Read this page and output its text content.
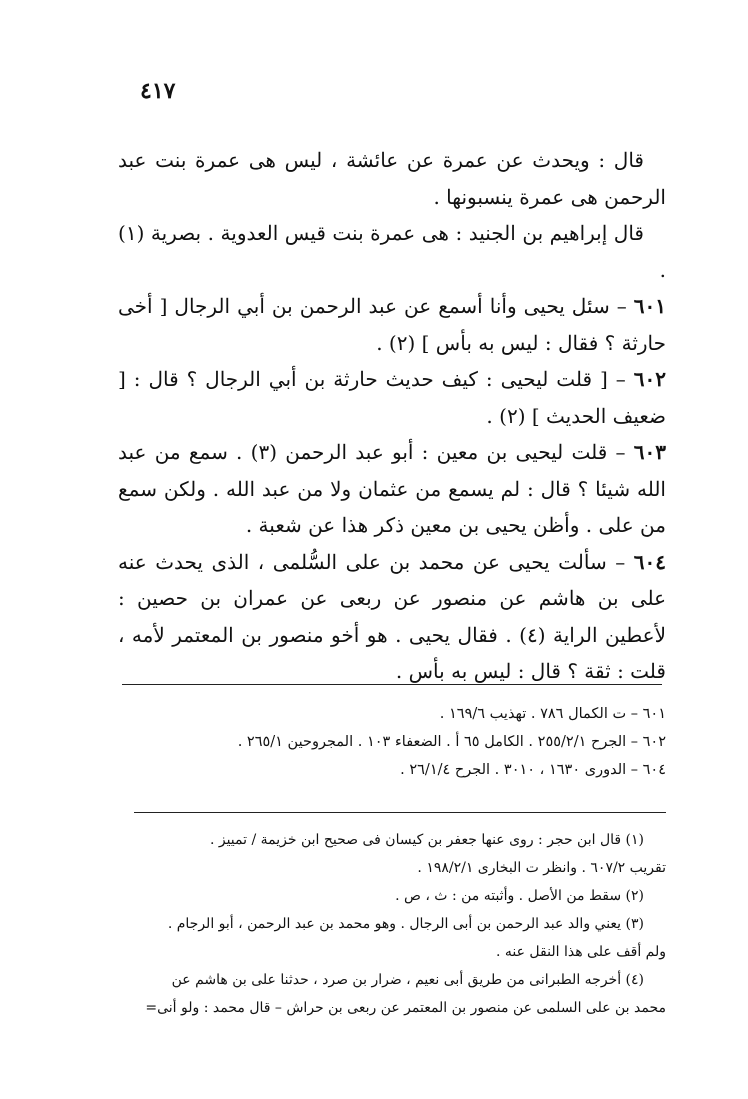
٤١٧

قال : ويحدث عن عمرة عن عائشة ، ليس هى عمرة بنت عبد الرحمن هى عمرة ينسبونها .

قال إبراهيم بن الجنيد : هى عمرة بنت قيس العدوية . بصرية (١) .

٦٠١ – سئل يحيى وأنا أسمع عن عبد الرحمن بن أبي الرجال [ أخى حارثة ؟ فقال : ليس به بأس ] (٢) .

٦٠٢ – [ قلت ليحيى : كيف حديث حارثة بن أبي الرجال ؟ قال : [ ضعيف الحديث ] (٢) .

٦٠٣ – قلت ليحيى بن معين : أبو عبد الرحمن (٣) . سمع من عبد الله شيئا ؟ قال : لم يسمع من عثمان ولا من عبد الله . ولكن سمع من على . وأظن يحيى بن معين ذكر هذا عن شعبة .

٦٠٤ – سألت يحيى عن محمد بن على السُّلمى ، الذى يحدث عنه على بن هاشم عن منصور عن ربعى عن عمران بن حصين : لأعطين الراية (٤) . فقال يحيى . هو أخو منصور بن المعتمر لأمه ، قلت : ثقة ؟ قال : ليس به بأس .

٦٠١ – ت الكمال ٧٨٦ . تهذيب ١٦٩/٦ .

٦٠٢ – الجرح ٢٥٥/٢/١ . الكامل ٦٥ أ . الضعفاء ١٠٣ . المجروحين ٢٦٥/١ .

٦٠٤ – الدورى ١٦٣٠ ، ٣٠١٠ . الجرح ٢٦/١/٤ .

(١) قال ابن حجر : روى عنها جعفر بن كيسان فى صحيح ابن خزيمة / تمييز .

تقريب ٦٠٧/٢ . وانظر ت البخارى ١٩٨/٢/١ .

(٢) سقط من الأصل . وأثبته من : ث ، ص .

(٣) يعني والد عبد الرحمن بن أبى الرجال . وهو محمد بن عبد الرحمن ، أبو الرجام .

ولم أقف على هذا النقل عنه .

(٤) أخرجه الطبرانى من طريق أبى نعيم ، ضرار بن صرد ، حدثنا على بن هاشم عن

محمد بن على السلمى عن منصور بن المعتمر عن ربعى بن حراش – قال محمد : ولو أنى=
